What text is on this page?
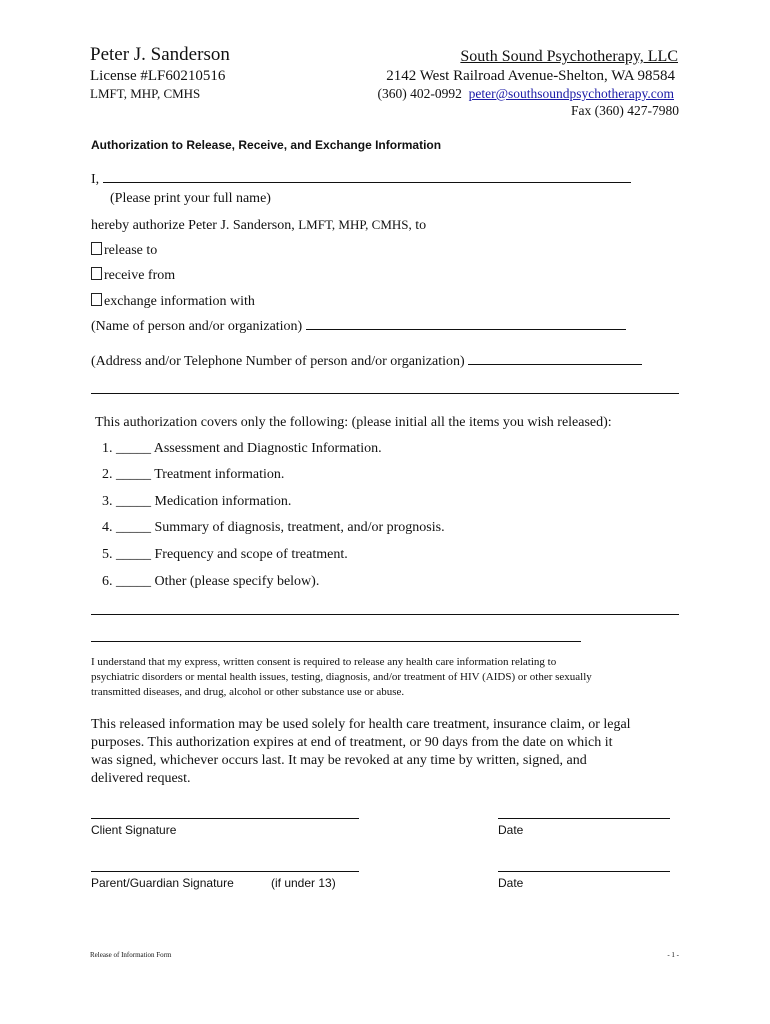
Peter J. Sanderson
License #LF60210516
LMFT, MHP, CMHS
South Sound Psychotherapy, LLC
2142 West Railroad Avenue-Shelton, WA 98584
(360) 402-0992 peter@southsoundpsychotherapy.com
Fax (360) 427-7980
Authorization to Release, Receive, and Exchange Information
I,
(Please print your full name)
hereby authorize Peter J. Sanderson, LMFT, MHP, CMHS, to
release to
receive from
exchange information with
(Name of person and/or organization)
(Address and/or Telephone Number of person and/or organization)
This authorization covers only the following: (please initial all the items you wish released):
1. _____ Assessment and Diagnostic Information.
2. _____ Treatment information.
3. _____ Medication information.
4. _____ Summary of diagnosis, treatment, and/or prognosis.
5. _____ Frequency and scope of treatment.
6. _____ Other (please specify below).
I understand that my express, written consent is required to release any health care information relating to
psychiatric disorders or mental health issues, testing, diagnosis, and/or treatment of HIV (AIDS) or other sexually
transmitted diseases, and drug, alcohol or other substance use or abuse.
This released information may be used solely for health care treatment, insurance claim, or legal
purposes. This authorization expires at end of treatment, or 90 days from the date on which it
was signed, whichever occurs last. It may be revoked at any time by written, signed, and
delivered request.
Client Signature	Date
Parent/Guardian Signature	(if under 13)	Date
Release of Information Form	- 1 -
